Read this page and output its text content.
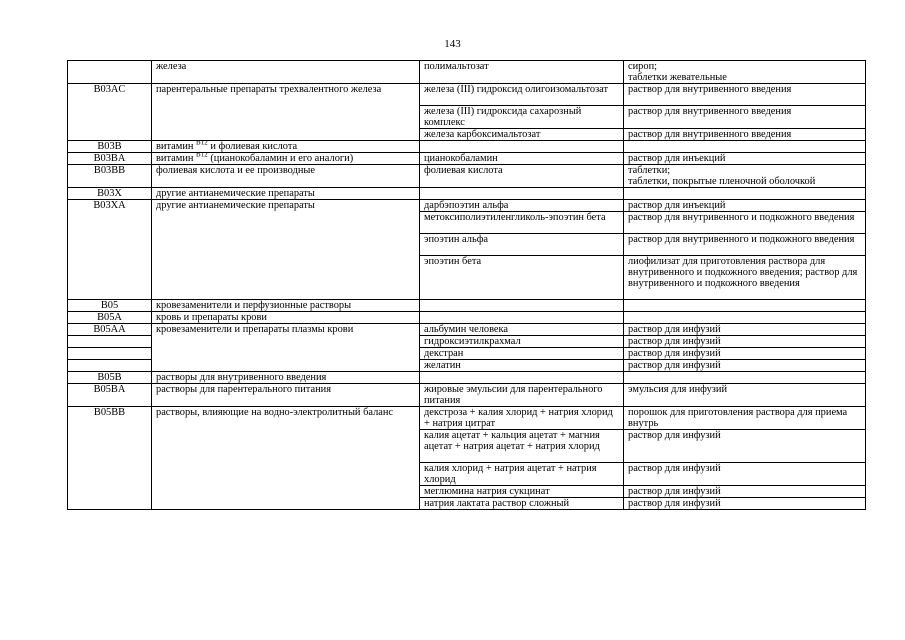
143
	железа	полимальтозат	сироп;
таблетки жевательные
B03AC	парентеральные препараты трехвалентного железа	железа (III) гидроксид олигоизомальтозат	раствор для внутривенного введения
		железа (III) гидроксида сахарозный комплекс	раствор для внутривенного введения
		железа карбоксимальтозат	раствор для внутривенного введения
B03B	витамин $^{B12}$ и фолиевая кислота		
B03BA	витамин $^{B12}$ (цианокобаламин и его аналоги)	цианокобаламин	раствор для инъекций
B03BB	фолиевая кислота и ее производные	фолиевая кислота	таблетки;
таблетки, покрытые пленочной оболочкой
B03X	другие антианемические препараты		
B03XA	другие антианемические препараты	дарбэпоэтин альфа	раствор для инъекций
		метоксиполиэтиленгликоль-эпоэтин бета	раствор для внутривенного и подкожного введения
		эпоэтин альфа	раствор для внутривенного и подкожного введения
		эпоэтин бета	лиофилизат для приготовления раствора для внутривенного и подкожного введения; раствор для внутривенного и подкожного введения
B05	кровезаменители и перфузионные растворы		
B05A	кровь и препараты крови		
B05AA	кровезаменители и препараты плазмы крови	альбумин человека	раствор для инфузий
		гидроксиэтилкрахмал	раствор для инфузий
		декстран	раствор для инфузий
		желатин	раствор для инфузий
B05B	растворы для внутривенного введения		
B05BA	растворы для парентерального питания	жировые эмульсии для парентерального питания	эмульсия для инфузий
B05BB	растворы, влияющие на водно-электролитный баланс	декстроза + калия хлорид + натрия хлорид + натрия цитрат	порошок для приготовления раствора для приема внутрь
		калия ацетат + кальция ацетат + магния ацетат + натрия ацетат + натрия хлорид	раствор для инфузий
		калия хлорид + натрия ацетат + натрия хлорид	раствор для инфузий
		меглюмина натрия сукцинат	раствор для инфузий
		натрия лактата раствор сложный	раствор для инфузий
